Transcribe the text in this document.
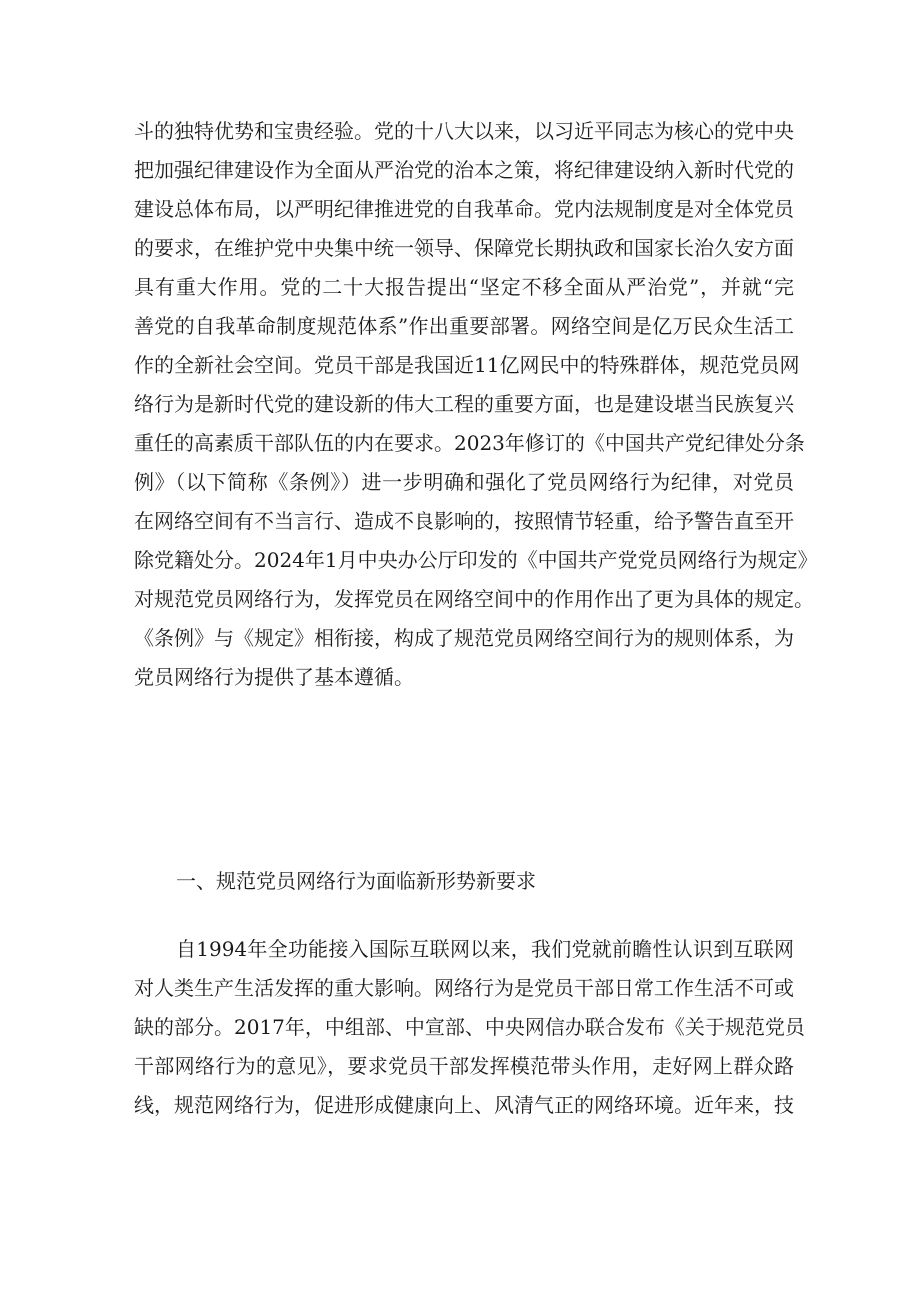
斗的独特优势和宝贵经验。党的十八大以来，以习近平同志为核心的党中央
把加强纪律建设作为全面从严治党的治本之策，将纪律建设纳入新时代党的
建设总体布局，以严明纪律推进党的自我革命。党内法规制度是对全体党员
的要求，在维护党中央集中统一领导、保障党长期执政和国家长治久安方面
具有重大作用。党的二十大报告提出“坚定不移全面从严治党”，并就“完
善党的自我革命制度规范体系”作出重要部署。网络空间是亿万民众生活工
作的全新社会空间。党员干部是我国近11亿网民中的特殊群体，规范党员网
络行为是新时代党的建设新的伟大工程的重要方面，也是建设堪当民族复兴
重任的高素质干部队伍的内在要求。2023年修订的《中国共产党纪律处分条
例》（以下简称《条例》）进一步明确和强化了党员网络行为纪律，对党员
在网络空间有不当言行、造成不良影响的，按照情节轻重，给予警告直至开
除党籍处分。2024年1月中央办公厅印发的《中国共产党党员网络行为规定》
对规范党员网络行为，发挥党员在网络空间中的作用作出了更为具体的规定。
《条例》与《规定》相衔接，构成了规范党员网络空间行为的规则体系，为
党员网络行为提供了基本遵循。
一、规范党员网络行为面临新形势新要求
自1994年全功能接入国际互联网以来，我们党就前瞻性认识到互联网
对人类生产生活发挥的重大影响。网络行为是党员干部日常工作生活不可或
缺的部分。2017年，中组部、中宣部、中央网信办联合发布《关于规范党员
干部网络行为的意见》，要求党员干部发挥模范带头作用，走好网上群众路
线，规范网络行为，促进形成健康向上、风清气正的网络环境。近年来，技
